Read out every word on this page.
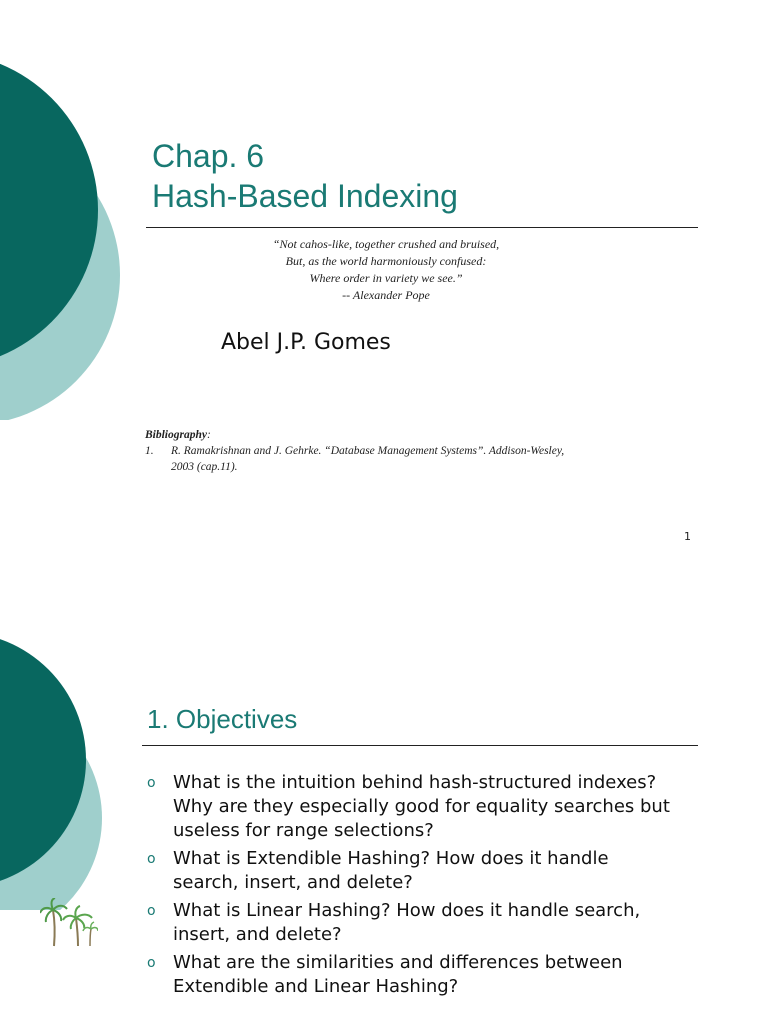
Chap. 6
Hash-Based Indexing
“Not cahos-like, together crushed and bruised,
But, as the world harmoniously confused:
Where order in variety we see.”
-- Alexander Pope
Abel J.P. Gomes
Bibliography:
1.	R. Ramakrishnan and J. Gehrke. “Database Management Systems”. Addison-Wesley,
2003 (cap.11).
1
1. Objectives
o What is the intuition behind hash-structured indexes?
Why are they especially good for equality searches but
useless for range selections?
o What is Extendible Hashing? How does it handle
search, insert, and delete?
o What is Linear Hashing? How does it handle search,
insert, and delete?
o What are the similarities and differences between
Extendible and Linear Hashing?
